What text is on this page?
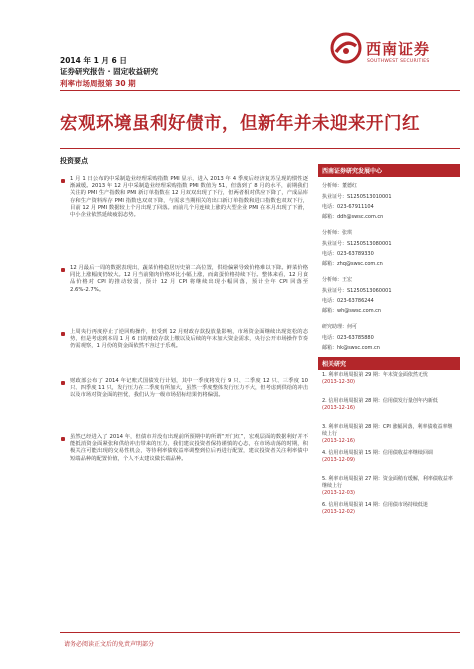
2014 年 1 月 6 日
证券研究报告 · 固定收益研究
利率市场周报第 30 期
西南证券
SOUTHWEST SECURITIES
宏观环境虽利好债市，但新年并未迎来开门红
投资要点
1 月 1 日公布的中采制造业经理采购指数 PMI 显示，进入 2013 年 4 季度后经济复苏呈现的惯性逐渐减缓。2013 年 12 月中采制造业经理采购指数 PMI 数值为 51，但落到了 8 月的水平，前期我们关注的 PMI 生产指数和 PMI 新订单指数在 12 月双双出现了下行，但两者相对供应下降了，产成品库存和生产资料库存 PMI 指数也双双下降，与需求当期相关的出口新订单指数和进口指数也双双下行，目前 12 月 PMI 数据较上个月出现了回落。而前几个月连续上涨的大型企业 PMI 在本月出现了下滑，中小企业依然延续疲弱态势。
12 月最后一周的数据表现出，蔬菜价格稳居历史第二高位置，供给偏紧导致价格难以下降。鲜菜价格同比上涨幅度仍较大。12 月当前猪肉价格环比小幅上涨，而禽蛋价格持续下行。整体来看，12 月食品价格对 CPI 的推动较弱，预计 12 月 CPI 将继续出现小幅回落，预计全年 CPI 回落至 2.6%-2.7%。
上周央行再度停止了逆回购操作，但受到 12 月财政存款投放量影响，市场资金面继续出现宽松的态势，但是考虑到本周 1 月 6 日的财政存款上缴以及后续的年末加大资金需求，央行公开市场操作节奏仍需观察，1 月份的资金面依然不容过于乐观。
财政部公布了 2014 年记账式国债发行计划，其中一季度将发行 9 只、二季度 12 只、三季度 10 只、四季度 11 只，发行压力在二季度有所加大，虽然一季度整体发行压力不大，但考虑到供给的冲击以及市场对资金面的担忧，我们认为一级市场招标结果仍将偏弱。
虽然已经进入了 2014 年，但债市并没有出现前所预期中的所谓“开门红”，宏观层面的数据利好并不能抵消资金面紧张和供给冲击带来的压力，我们建议投资者保持谨慎的心态，在市场动荡的时期，积极关注可能出现的交易性机会，等待利率债收益率调整到位后再进行配置，建议投资者关注利率债中短端品种的配置价值，个人不太建议做长端品种。
西南证券研究发展中心
分析师：董德红
执业证号：S1250513010001
电话：023-67911104
邮箱：ddh@swsc.com.cn
分析师：张琪
执业证号：S1250513080001
电话：023-63789330
邮箱：zhq@swsc.com.cn
分析师：王宏
执业证号：S1250513060001
电话：023-63786244
邮箱：wh@swsc.com.cn
研究助理：何可
电话：023-63785880
邮箱：hk@swsc.com.cn
相关研究
1. 利率市场周报第 29 期：年末资金面依然无忧
(2013-12-30)
2. 信用市场周报第 28 期：信用债发行量创年内新低
(2013-12-16)
3. 利率市场周报第 28 期：CPI 涨幅回落，利率债收益率继续上行
(2013-12-16)
4. 信用市场周报第 15 期：信用债收益率继续回调
(2013-12-09)
5. 利率市场周报第 27 期：资金面稍有缓解，利率债收益率继续上行
(2013-12-03)
6. 信用市场周报第 14 期：信用债市场持续低迷
(2013-12-02)
请务必阅读正文后的免责声明部分
